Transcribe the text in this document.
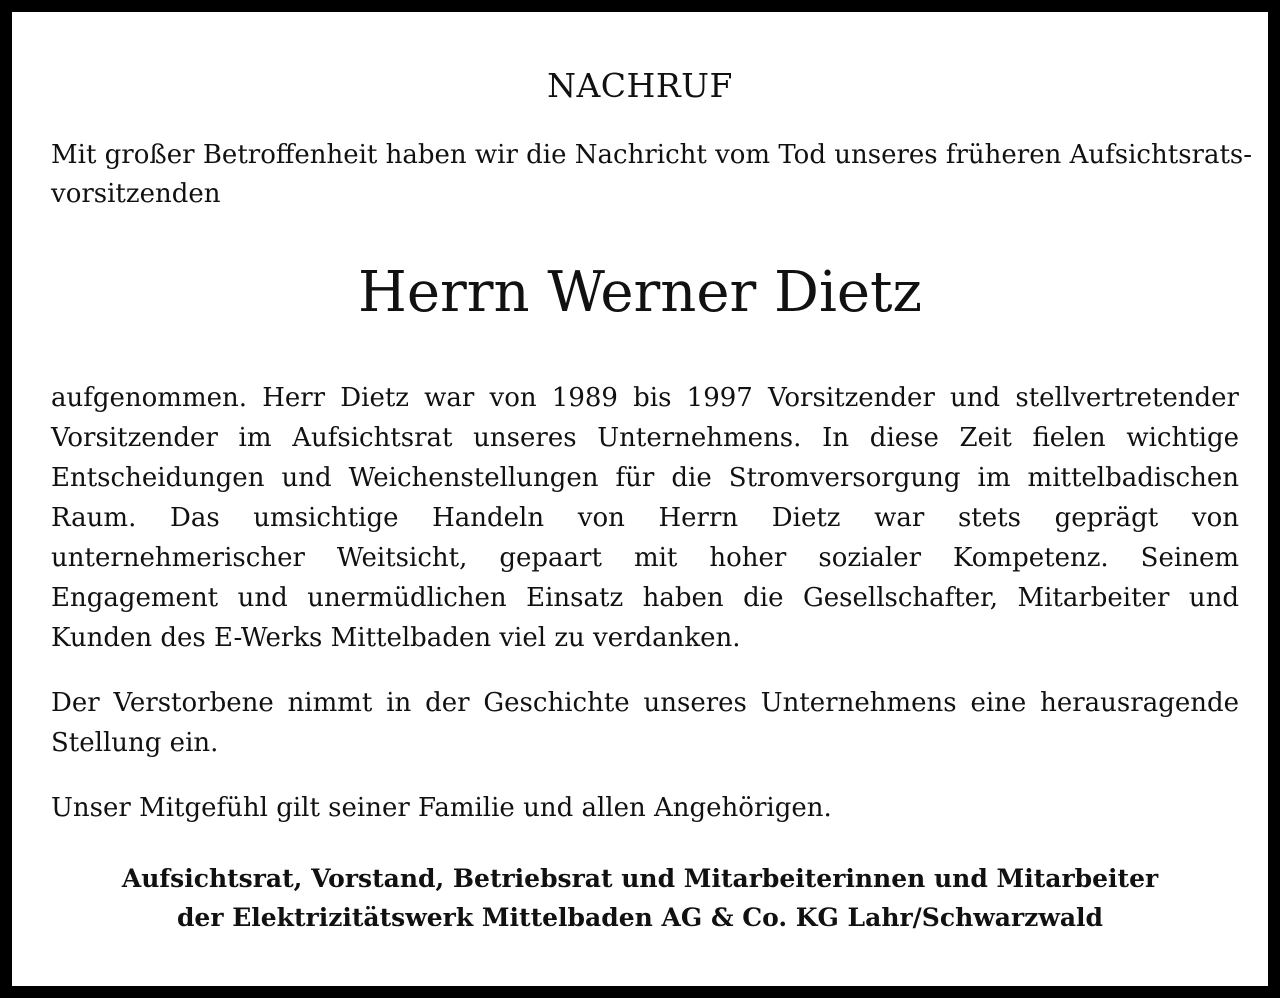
NACHRUF
Mit großer Betroffenheit haben wir die Nachricht vom Tod unseres früheren Aufsichtsrats-
vorsitzenden
Herrn Werner Dietz

aufgenommen. Herr Dietz war von 1989 bis 1997 Vorsitzender und stellvertretender Vorsitzender im Aufsichtsrat unseres Unternehmens. In diese Zeit fielen wichtige Entscheidungen und Weichenstellungen für die Stromversorgung im mittelbadischen Raum. Das umsichtige Handeln von Herrn Dietz war stets geprägt von unternehmerischer Weitsicht, gepaart mit hoher sozialer Kompetenz. Seinem Engagement und unermüdlichen Einsatz haben die Gesellschafter, Mitarbeiter und Kunden des E-Werks Mittelbaden viel zu verdanken.

Der Verstorbene nimmt in der Geschichte unseres Unternehmens eine herausragende Stellung ein.

Unser Mitgefühl gilt seiner Familie und allen Angehörigen.

Aufsichtsrat, Vorstand, Betriebsrat und Mitarbeiterinnen und Mitarbeiter
der Elektrizitätswerk Mittelbaden AG & Co. KG Lahr/Schwarzwald
